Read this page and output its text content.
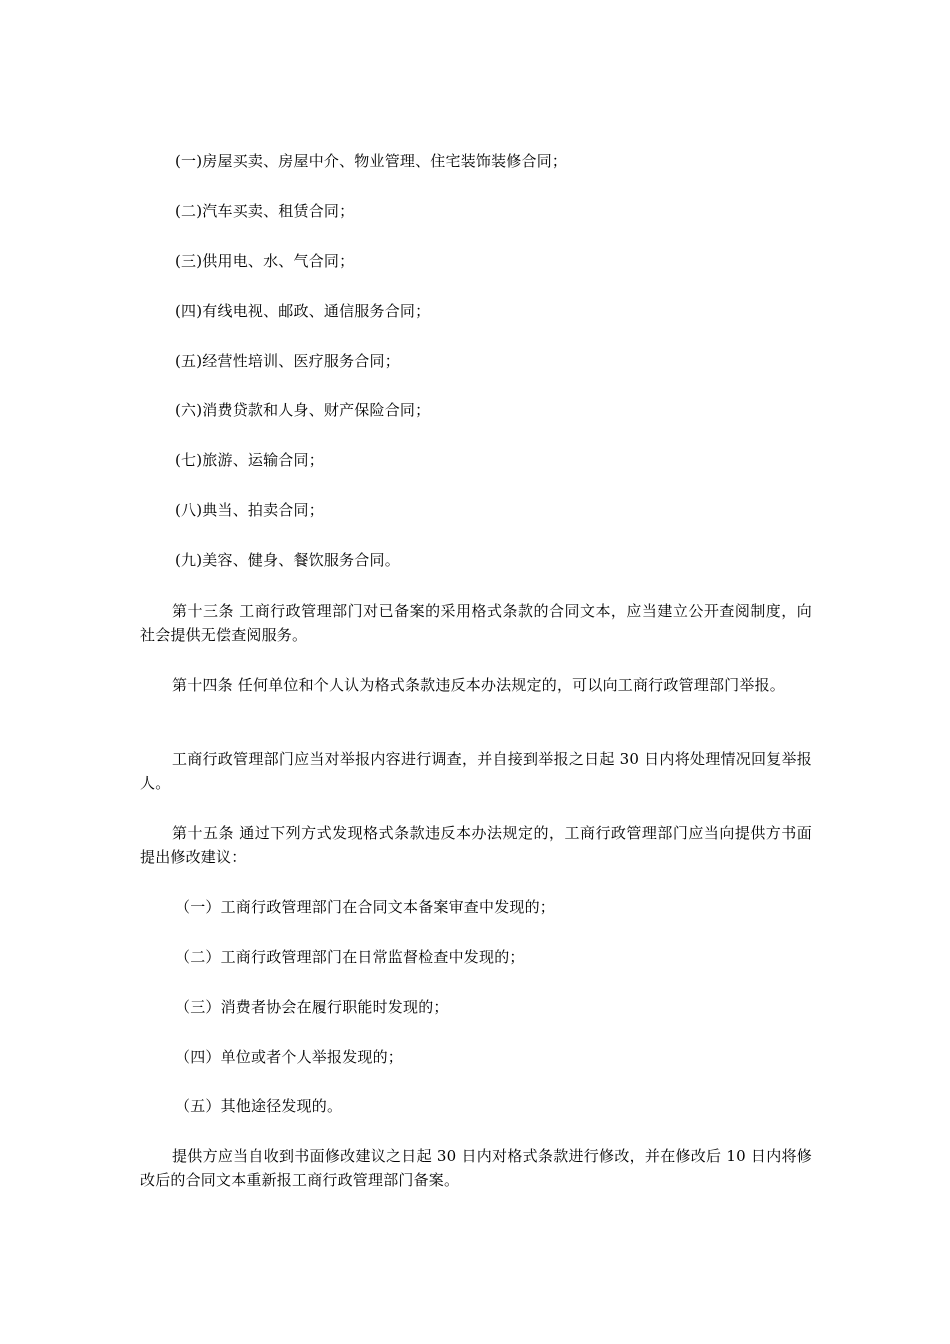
(一)房屋买卖、房屋中介、物业管理、住宅装饰装修合同；
(二)汽车买卖、租赁合同；
(三)供用电、水、气合同；
(四)有线电视、邮政、通信服务合同；
(五)经营性培训、医疗服务合同；
(六)消费贷款和人身、财产保险合同；
(七)旅游、运输合同；
(八)典当、拍卖合同；
(九)美容、健身、餐饮服务合同。
第十三条 工商行政管理部门对已备案的采用格式条款的合同文本，应当建立公开查阅制度，向社会提供无偿查阅服务。
第十四条 任何单位和个人认为格式条款违反本办法规定的，可以向工商行政管理部门举报。
工商行政管理部门应当对举报内容进行调查，并自接到举报之日起 30 日内将处理情况回复举报人。
第十五条 通过下列方式发现格式条款违反本办法规定的，工商行政管理部门应当向提供方书面提出修改建议：
（一）工商行政管理部门在合同文本备案审查中发现的；
（二）工商行政管理部门在日常监督检查中发现的；
（三）消费者协会在履行职能时发现的；
（四）单位或者个人举报发现的；
（五）其他途径发现的。
提供方应当自收到书面修改建议之日起 30 日内对格式条款进行修改，并在修改后 10 日内将修改后的合同文本重新报工商行政管理部门备案。
